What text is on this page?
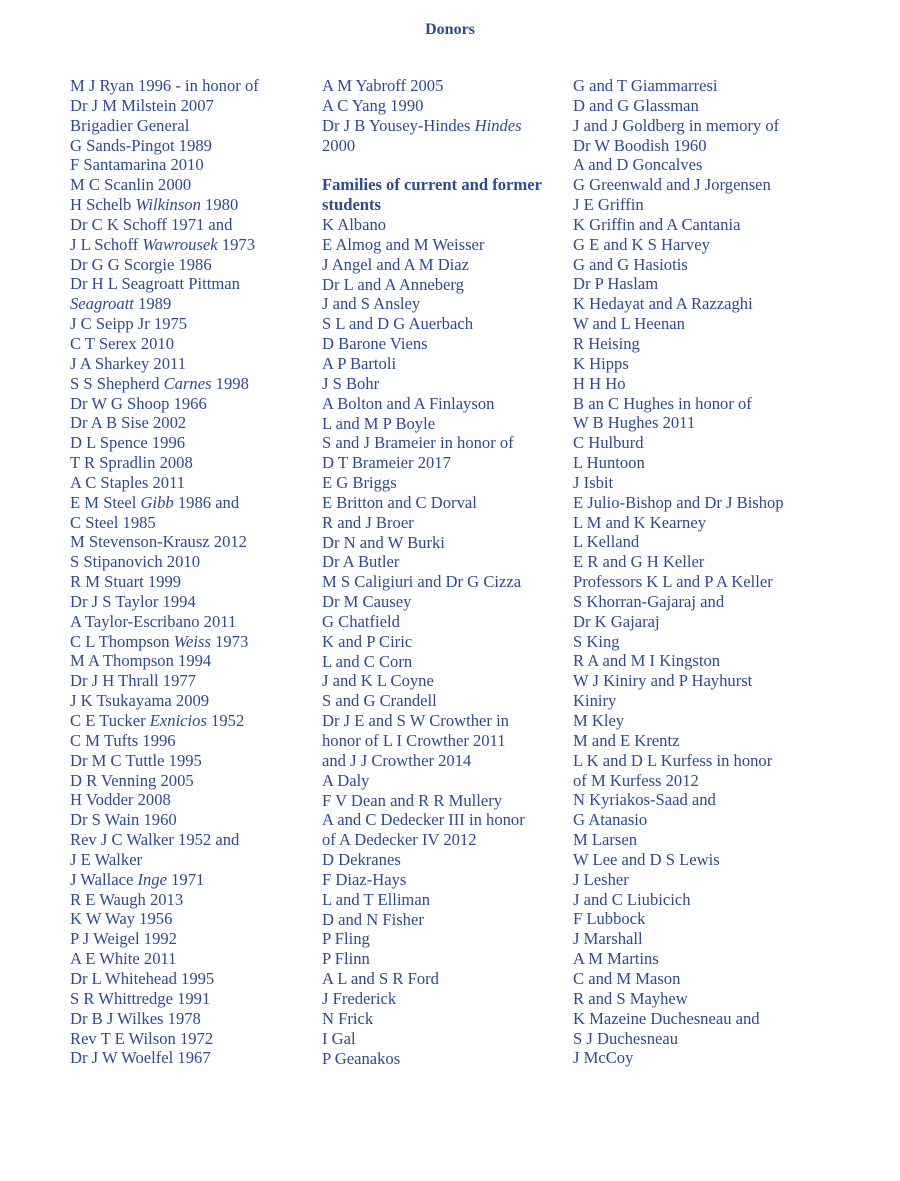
Donors
M J Ryan 1996 - in honor of
Dr J M Milstein 2007
Brigadier General
G Sands-Pingot 1989
F Santamarina 2010
M C Scanlin 2000
H Schelb Wilkinson 1980
Dr C K Schoff 1971 and
J L Schoff Wawrousek 1973
Dr G G Scorgie 1986
Dr H L Seagroatt Pittman
Seagroatt 1989
J C Seipp Jr 1975
C T Serex 2010
J A Sharkey 2011
S S Shepherd Carnes 1998
Dr W G Shoop 1966
Dr A B Sise 2002
D L Spence 1996
T R Spradlin 2008
A C Staples 2011
E M Steel Gibb 1986 and
C Steel 1985
M Stevenson-Krausz 2012
S Stipanovich 2010
R M Stuart 1999
Dr J S Taylor 1994
A Taylor-Escribano 2011
C L Thompson Weiss 1973
M A Thompson 1994
Dr J H Thrall 1977
J K Tsukayama 2009
C E Tucker Exnicios 1952
C M Tufts 1996
Dr M C Tuttle 1995
D R Venning 2005
H Vodder 2008
Dr S Wain 1960
Rev J C Walker 1952 and
J E Walker
J Wallace Inge 1971
R E Waugh 2013
K W Way 1956
P J Weigel 1992
A E White 2011
Dr L Whitehead 1995
S R Whittredge 1991
Dr B J Wilkes 1978
Rev T E Wilson 1972
Dr J W Woelfel 1967
A M Yabroff 2005
A C Yang 1990
Dr J B Yousey-Hindes Hindes
2000
Families of current and former
students
K Albano
E Almog and M Weisser
J Angel and A M Diaz
Dr L and A Anneberg
J and S Ansley
S L and D G Auerbach
D Barone Viens
A P Bartoli
J S Bohr
A Bolton and A Finlayson
L and M P Boyle
S and J Brameier in honor of
D T Brameier 2017
E G Briggs
E Britton and C Dorval
R and J Broer
Dr N and W Burki
Dr A Butler
M S Caligiuri and Dr G Cizza
Dr M Causey
G Chatfield
K and P Ciric
L and C Corn
J and K L Coyne
S and G Crandell
Dr J E and S W Crowther in
honor of L I Crowther 2011
and J J Crowther 2014
A Daly
F V Dean and R R Mullery
A and C Dedecker III in honor
of A Dedecker IV 2012
D Dekranes
F Diaz-Hays
L and T Elliman
D and N Fisher
P Fling
P Flinn
A L and S R Ford
J Frederick
N Frick
I Gal
P Geanakos
G and T Giammarresi
D and G Glassman
J and J Goldberg in memory of
Dr W Boodish 1960
A and D Goncalves
G Greenwald and J Jorgensen
J E Griffin
K Griffin and A Cantania
G E and K S Harvey
G and G Hasiotis
Dr P Haslam
K Hedayat and A Razzaghi
W and L Heenan
R Heising
K Hipps
H H Ho
B an C Hughes in honor of
W B Hughes 2011
C Hulburd
L Huntoon
J Isbit
E Julio-Bishop and Dr J Bishop
L M and K Kearney
L Kelland
E R and G H Keller
Professors K L and P A Keller
S Khorran-Gajaraj and
Dr K Gajaraj
S King
R A and M I Kingston
W J Kiniry and P Hayhurst
Kiniry
M Kley
M and E Krentz
L K and D L Kurfess in honor
of M Kurfess 2012
N Kyriakos-Saad and
G Atanasio
M Larsen
W Lee and D S Lewis
J Lesher
J and C Liubicich
F Lubbock
J Marshall
A M Martins
C and M Mason
R and S Mayhew
K Mazeine Duchesneau and
S J Duchesneau
J McCoy
